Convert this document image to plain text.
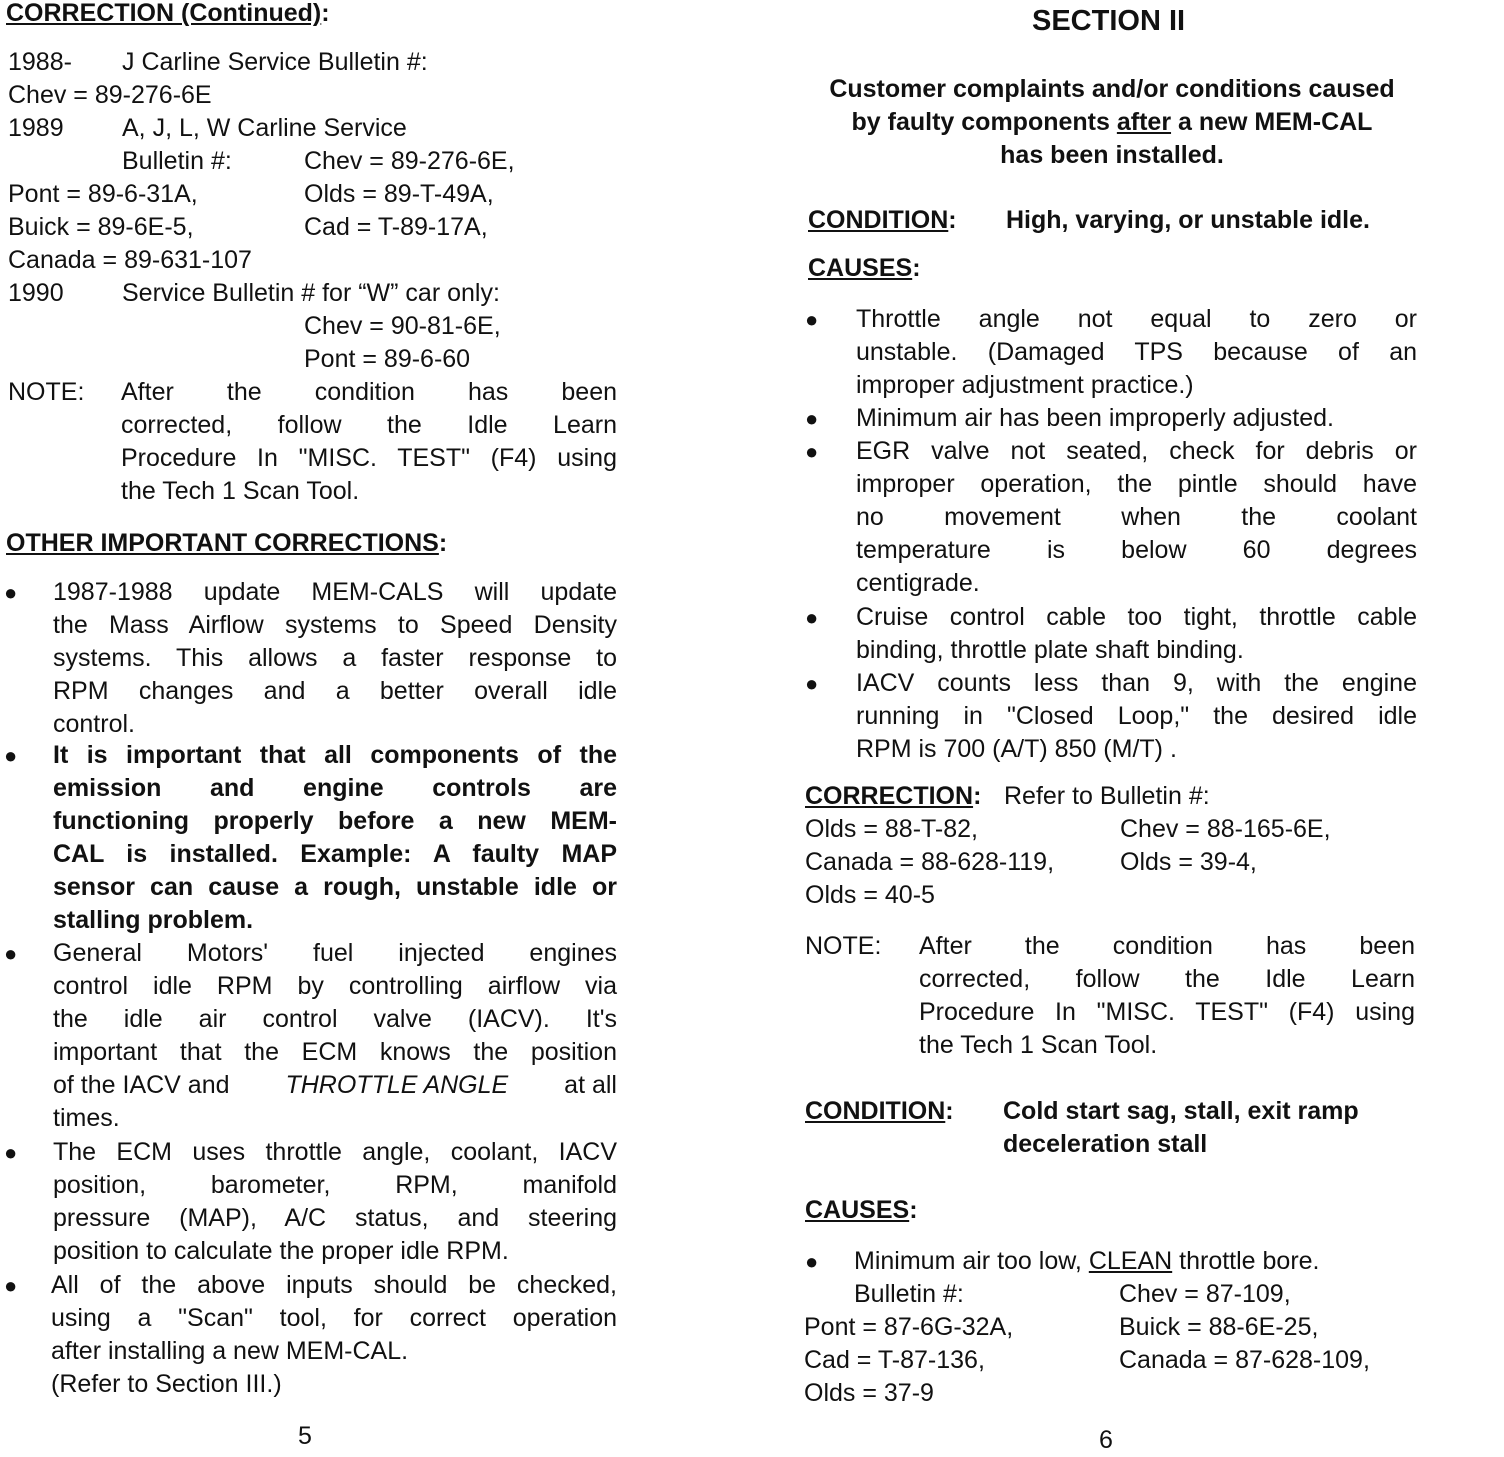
CORRECTION (Continued):
1988- J Carline Service Bulletin #:
Chev = 89-276-6E
1989 A, J, L, W Carline Service
Bulletin #:	Chev = 89-276-6E,
Pont = 89-6-31A,	Olds = 89-T-49A,
Buick = 89-6E-5,	Cad = T-89-17A,
Canada = 89-631-107
1990 Service Bulletin # for “W” car only:
Chev = 90-81-6E,
Pont = 89-6-60
NOTE: After the condition has been
corrected, follow the Idle Learn
Procedure In "MISC. TEST" (F4) using
the Tech 1 Scan Tool.
OTHER IMPORTANT CORRECTIONS:
● 1987-1988 update MEM-CALS will update
the Mass Airflow systems to Speed Density
systems. This allows a faster response to
RPM changes and a better overall idle
control.
● It is important that all components of the
emission and engine controls are
functioning properly before a new MEM-
CAL is installed. Example: A faulty MAP
sensor can cause a rough, unstable idle or
stalling problem.
● General Motors' fuel injected engines
control idle RPM by controlling airflow via
the idle air control valve (IACV). It's
important that the ECM knows the position
of the IACV and THROTTLE ANGLE at all
times.
● The ECM uses throttle angle, coolant, IACV
position, barometer, RPM, manifold
pressure (MAP), A/C status, and steering
position to calculate the proper idle RPM.
● All of the above inputs should be checked,
using a "Scan" tool, for correct operation
after installing a new MEM-CAL.
(Refer to Section III.)
5
SECTION II
Customer complaints and/or conditions caused
by faulty components after a new MEM-CAL
has been installed.
CONDITION: High, varying, or unstable idle.
CAUSES:
● Throttle angle not equal to zero or
unstable. (Damaged TPS because of an
improper adjustment practice.)
● Minimum air has been improperly adjusted.
● EGR valve not seated, check for debris or
improper operation, the pintle should have
no movement when the coolant
temperature is below 60 degrees
centigrade.
● Cruise control cable too tight, throttle cable
binding, throttle plate shaft binding.
● IACV counts less than 9, with the engine
running in "Closed Loop," the desired idle
RPM is 700 (A/T) 850 (M/T) .
CORRECTION: Refer to Bulletin #:
Olds = 88-T-82,	Chev = 88-165-6E,
Canada = 88-628-119,	Olds = 39-4,
Olds = 40-5
NOTE: After the condition has been
corrected, follow the Idle Learn
Procedure In "MISC. TEST" (F4) using
the Tech 1 Scan Tool.
CONDITION: Cold start sag, stall, exit ramp
deceleration stall
CAUSES:
● Minimum air too low, CLEAN throttle bore.
Bulletin #:	Chev = 87-109,
Pont = 87-6G-32A,	Buick = 88-6E-25,
Cad = T-87-136,	Canada = 87-628-109,
Olds = 37-9
6
